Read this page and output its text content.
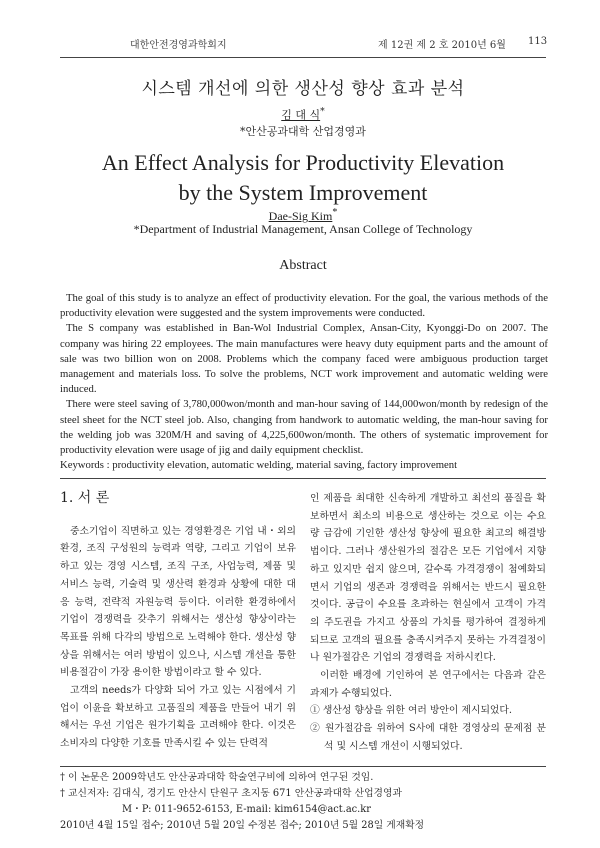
대한안전경영과학회지	제 12권 제 2 호 2010년 6월 113
시스템 개선에 의한 생산성 향상 효과 분석
김 대 식*
*안산공과대학 산업경영과
An Effect Analysis for Productivity Elevation
by the System Improvement
Dae-Sig Kim*
*Department of Industrial Management, Ansan College of Technology
Abstract

The goal of this study is to analyze an effect of productivity elevation. For the goal, the various methods of the productivity elevation were suggested and the system improvements were conducted.

The S company was established in Ban-Wol Industrial Complex, Ansan-City, Kyonggi-Do on 2007. The company was hiring 22 employees. The main manufactures were heavy duty equipment parts and the amount of sale was two billion won on 2008. Problems which the company faced were ambiguous production target management and materials loss. To solve the problems, NCT work improvement and automatic welding were induced.

There were steel saving of 3,780,000won/month and man-hour saving of 144,000won/month by redesign of the steel sheet for the NCT steel job. Also, changing from handwork to automatic welding, the man-hour saving for the welding job was 320M/H and saving of 4,225,600won/month. The others of systematic improvement for productivity elevation were usage of jig and daily equipment checklist.

Keywords : productivity elevation, automatic welding, material saving, factory improvement

1. 서 론

중소기업이 직면하고 있는 경영환경은 기업 내・외의 환경, 조직 구성원의 능력과 역량, 그리고 기업이 보유하고 있는 경영 시스템, 조직 구조, 사업능력, 제품 및 서비스 능력, 기술력 및 생산력 환경과 상황에 대한 대응 능력, 전략적 자원능력 등이다. 이러한 환경하에서 기업이 경쟁력을 갖추기 위해서는 생산성 향상이라는 목표를 위해 다각의 방법으로 노력해야 한다. 생산성 향상을 위해서는 여러 방법이 있으나, 시스템 개선을 통한 비용절감이 가장 용이한 방법이라고 할 수 있다.

고객의 needs가 다양화 되어 가고 있는 시점에서 기업이 이윤을 확보하고 고품질의 제품을 만들어 내기 위해서는 우선 기업은 원가기획을 고려해야 한다. 이것은 소비자의 다양한 기호를 만족시킬 수 있는 단력적

인 제품을 최대한 신속하게 개발하고 최선의 품질을 확보하면서 최소의 비용으로 생산하는 것으로 이는 수요량 급감에 기인한 생산성 향상에 필요한 최고의 해결방법이다. 그러나 생산원가의 절감은 모든 기업에서 지향하고 있지만 쉽지 않으며, 갈수록 가격경쟁이 첨예화되면서 기업의 생존과 경쟁력을 위해서는 반드시 필요한 것이다. 공급이 수요를 초과하는 현실에서 고객이 가격의 주도권을 가지고 상품의 가치를 평가하여 결정하게 되므로 고객의 필요를 충족시켜주지 못하는 가격결정이나 원가절감은 기업의 경쟁력을 저하시킨다.

이러한 배경에 기인하여 본 연구에서는 다음과 같은 과제가 수행되었다.

① 생산성 향상을 위한 여러 방안이 제시되었다.

② 원가절감을 위하여 S사에 대한 경영상의 문제점 분석 및 시스템 개선이 시행되었다.

† 이 논문은 2009학년도 안산공과대학 학술연구비에 의하여 연구된 것임.

† 교신저자: 김대식, 경기도 안산시 단원구 초지동 671 안산공과대학 산업경영과

M・P: 011-9652-6153, E-mail: kim6154@act.ac.kr

2010년 4월 15일 접수; 2010년 5월 20일 수정본 접수; 2010년 5월 28일 게재확정
